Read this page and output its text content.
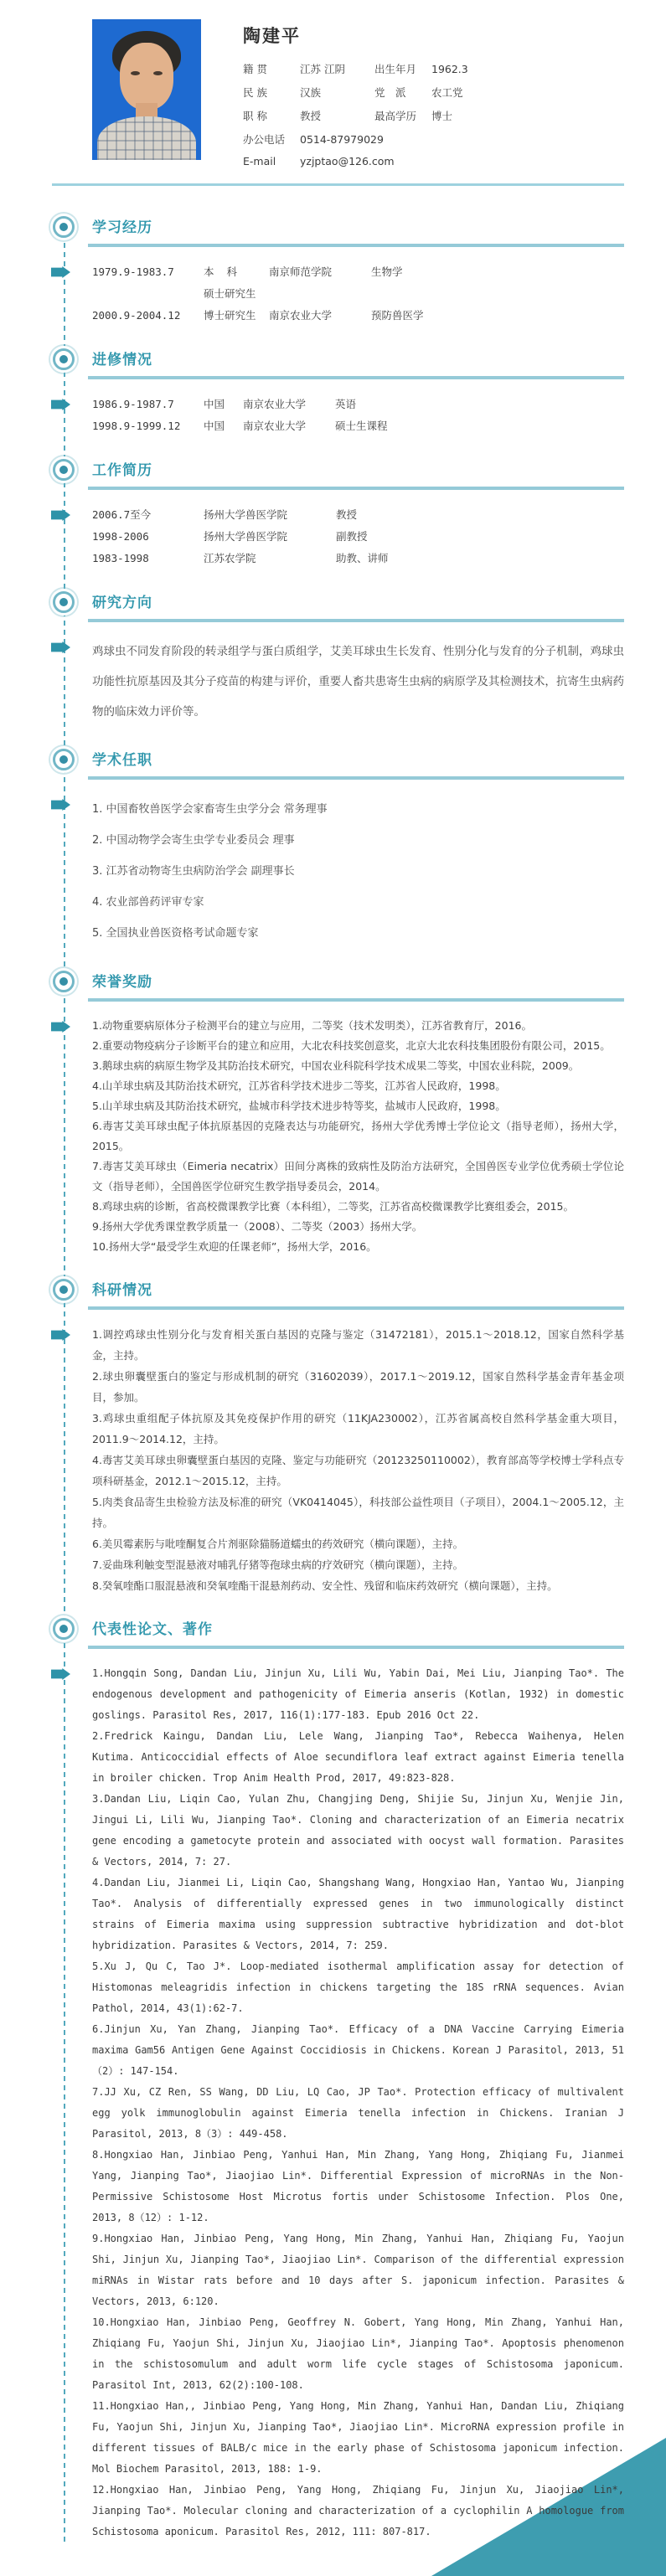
陶建平
籍 贯	江苏 江阴	出生年月 1962.3
民 族	汉族	党　派 农工党
职 称	教授	最高学历 博士
办公电话 0514-87979029
E-mail yzjptao@126.com
学习经历
1979.9-1983.7	本  科	南京师范学院	生物学
硕士研究生
2000.9-2004.12	博士研究生	南京农业大学	预防兽医学
进修情况
1986.9-1987.7	中国	南京农业大学	英语
1998.9-1999.12	中国	南京农业大学	硕士生课程
工作简历
2006.7至今	扬州大学兽医学院	教授
1998-2006	扬州大学兽医学院	副教授
1983-1998	江苏农学院	助教、讲师
研究方向

鸡球虫不同发育阶段的转录组学与蛋白质组学，艾美耳球虫生长发育、性别分化与发育的分子机制，鸡球虫功能性抗原基因及其分子疫苗的构建与评价，重要人畜共患寄生虫病的病原学及其检测技术，抗寄生虫病药物的临床效力评价等。

学术任职

1. 中国畜牧兽医学会家畜寄生虫学分会 常务理事

2. 中国动物学会寄生虫学专业委员会 理事

3. 江苏省动物寄生虫病防治学会 副理事长

4. 农业部兽药评审专家

5. 全国执业兽医资格考试命题专家

荣誉奖励

1.动物重要病原体分子检测平台的建立与应用，二等奖（技术发明类），江苏省教育厅，2016。

2.重要动物疫病分子诊断平台的建立和应用，大北农科技奖创意奖，北京大北农科技集团股份有限公司，2015。

3.鹅球虫病的病原生物学及其防治技术研究，中国农业科院科学技术成果二等奖，中国农业科院，2009。

4.山羊球虫病及其防治技术研究，江苏省科学技术进步二等奖，江苏省人民政府，1998。

5.山羊球虫病及其防治技术研究，盐城市科学技术进步特等奖，盐城市人民政府，1998。

6.毒害艾美耳球虫配子体抗原基因的克隆表达与功能研究，扬州大学优秀博士学位论文（指导老师），扬州大学，2015。

7.毒害艾美耳球虫（Eimeria necatrix）田间分离株的致病性及防治方法研究，全国兽医专业学位优秀硕士学位论文（指导老师），全国兽医学位研究生教学指导委员会，2014。

8.鸡球虫病的诊断，省高校微课教学比赛（本科组），二等奖，江苏省高校微课教学比赛组委会，2015。

9.扬州大学优秀课堂教学质量一（2008）、二等奖（2003）扬州大学。

10.扬州大学“最受学生欢迎的任课老师”，扬州大学，2016。

科研情况

1.调控鸡球虫性别分化与发育相关蛋白基因的克隆与鉴定（31472181），2015.1～2018.12，国家自然科学基金，主持。

2.球虫卵囊壁蛋白的鉴定与形成机制的研究（31602039），2017.1～2019.12，国家自然科学基金青年基金项目，参加。

3.鸡球虫重组配子体抗原及其免疫保护作用的研究（11KJA230002），江苏省属高校自然科学基金重大项目，2011.9～2014.12，主持。

4.毒害艾美耳球虫卵囊壁蛋白基因的克隆、鉴定与功能研究（20123250110002），教育部高等学校博士学科点专项科研基金，2012.1～2015.12，主持。

5.肉类食品寄生虫检验方法及标准的研究（VK0414045），科技部公益性项目（子项目），2004.1～2005.12，主持。

6.美贝霉素肟与吡喹酮复合片剂驱除猫肠道蠕虫的药效研究（横向课题），主持。

7.妥曲珠利触变型混悬液对哺乳仔猪等孢球虫病的疗效研究（横向课题），主持。

8.癸氧喹酯口服混悬液和癸氧喹酯干混悬剂药动、安全性、残留和临床药效研究（横向课题），主持。

代表性论文、著作

1.Hongqin Song, Dandan Liu, Jinjun Xu, Lili Wu, Yabin Dai, Mei Liu, Jianping Tao*. The endogenous development and pathogenicity of Eimeria anseris (Kotlan, 1932) in domestic goslings. Parasitol Res, 2017, 116(1):177-183. Epub 2016 Oct 22.

2.Fredrick Kaingu, Dandan Liu, Lele Wang, Jianping Tao*, Rebecca Waihenya, Helen Kutima. Anticoccidial effects of Aloe secundiflora leaf extract against Eimeria tenella in broiler chicken. Trop Anim Health Prod, 2017, 49:823-828.

3.Dandan Liu, Liqin Cao, Yulan Zhu, Changjing Deng, Shijie Su, Jinjun Xu, Wenjie Jin, Jingui Li, Lili Wu, Jianping Tao*. Cloning and characterization of an Eimeria necatrix gene encoding a gametocyte protein and associated with oocyst wall formation. Parasites & Vectors, 2014, 7: 27.

4.Dandan Liu, Jianmei Li, Liqin Cao, Shangshang Wang, Hongxiao Han, Yantao Wu, Jianping Tao*. Analysis of differentially expressed genes in two immunologically distinct strains of Eimeria maxima using suppression subtractive hybridization and dot-blot hybridization. Parasites & Vectors, 2014, 7: 259.

5.Xu J, Qu C, Tao J*. Loop-mediated isothermal amplification assay for detection of Histomonas meleagridis infection in chickens targeting the 18S rRNA sequences. Avian Pathol, 2014, 43(1):62-7.

6.Jinjun Xu, Yan Zhang, Jianping Tao*. Efficacy of a DNA Vaccine Carrying Eimeria maxima Gam56 Antigen Gene Against Coccidiosis in Chickens. Korean J Parasitol, 2013, 51（2）: 147-154.

7.JJ Xu, CZ Ren, SS Wang, DD Liu, LQ Cao, JP Tao*. Protection efficacy of multivalent egg yolk immunoglobulin against Eimeria tenella infection in Chickens. Iranian J Parasitol, 2013, 8（3）: 449-458.

8.Hongxiao Han, Jinbiao Peng, Yanhui Han, Min Zhang, Yang Hong, Zhiqiang Fu, Jianmei Yang, Jianping Tao*, Jiaojiao Lin*. Differential Expression of microRNAs in the Non-Permissive Schistosome Host Microtus fortis under Schistosome Infection. Plos One, 2013, 8（12）: 1-12.

9.Hongxiao Han, Jinbiao Peng, Yang Hong, Min Zhang, Yanhui Han, Zhiqiang Fu, Yaojun Shi, Jinjun Xu, Jianping Tao*, Jiaojiao Lin*. Comparison of the differential expression miRNAs in Wistar rats before and 10 days after S. japonicum infection. Parasites & Vectors, 2013, 6:120.

10.Hongxiao Han, Jinbiao Peng, Geoffrey N. Gobert, Yang Hong, Min Zhang, Yanhui Han, Zhiqiang Fu, Yaojun Shi, Jinjun Xu, Jiaojiao Lin*, Jianping Tao*. Apoptosis phenomenon in the schistosomulum and adult worm life cycle stages of Schistosoma japonicum. Parasitol Int, 2013, 62(2):100-108.

11.Hongxiao Han,, Jinbiao Peng, Yang Hong, Min Zhang, Yanhui Han, Dandan Liu, Zhiqiang Fu, Yaojun Shi, Jinjun Xu, Jianping Tao*, Jiaojiao Lin*. MicroRNA expression profile in different tissues of BALB/c mice in the early phase of Schistosoma japonicum infection. Mol Biochem Parasitol, 2013, 188: 1-9.

12.Hongxiao Han, Jinbiao Peng, Yang Hong, Zhiqiang Fu, Jinjun Xu, Jiaojiao Lin*, Jianping Tao*. Molecular cloning and characterization of a cyclophilin A homologue from Schistosoma aponicum. Parasitol Res, 2012, 111: 807-817.
